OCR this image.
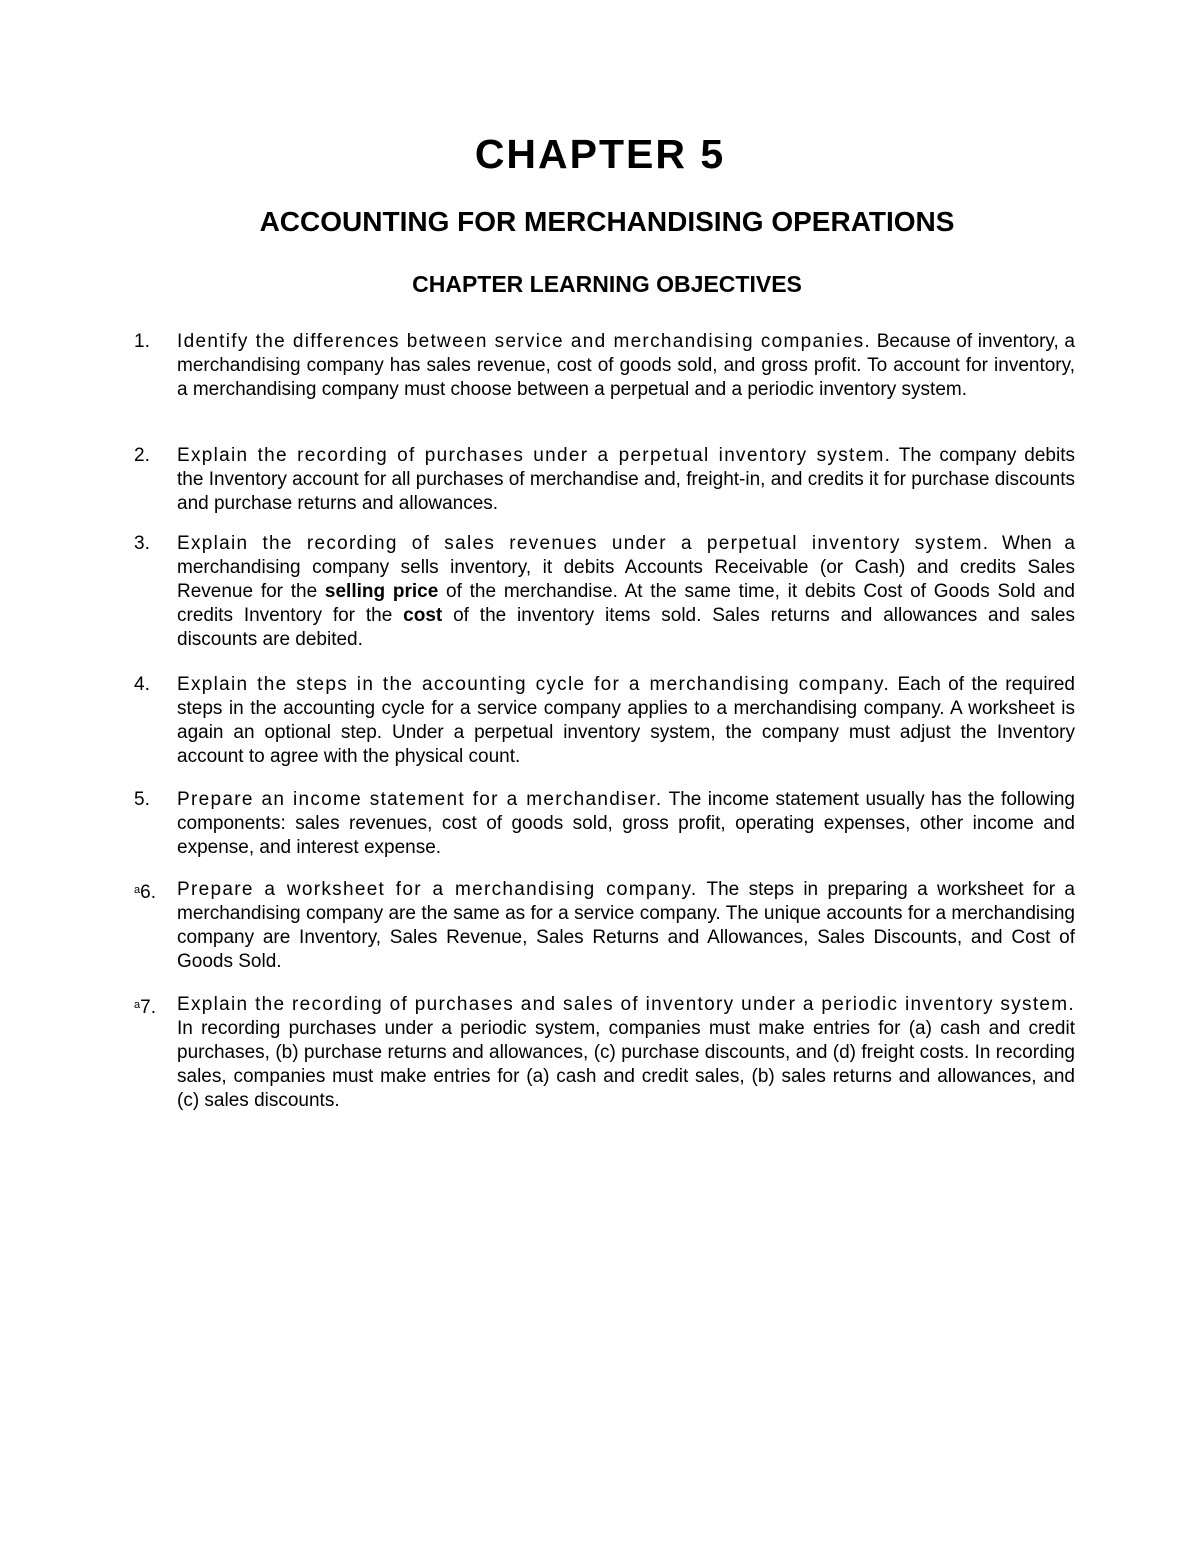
CHAPTER 5
ACCOUNTING FOR MERCHANDISING OPERATIONS
CHAPTER LEARNING OBJECTIVES
1.	Identify the differences between service and merchandising companies. Because of inventory, a merchandising company has sales revenue, cost of goods sold, and gross profit. To account for inventory, a merchandising company must choose between a perpetual and a periodic inventory system.
2.	Explain the recording of purchases under a perpetual inventory system. The company debits the Inventory account for all purchases of merchandise and, freight-in, and credits it for purchase discounts and purchase returns and allowances.
3.	Explain the recording of sales revenues under a perpetual inventory system. When a merchandising company sells inventory, it debits Accounts Receivable (or Cash) and credits Sales Revenue for the selling price of the merchandise. At the same time, it debits Cost of Goods Sold and credits Inventory for the cost of the inventory items sold. Sales returns and allowances and sales discounts are debited.
4.	Explain the steps in the accounting cycle for a merchandising company. Each of the required steps in the accounting cycle for a service company applies to a merchandising company. A worksheet is again an optional step. Under a perpetual inventory system, the company must adjust the Inventory account to agree with the physical count.
5.	Prepare an income statement for a merchandiser. The income statement usually has the following components: sales revenues, cost of goods sold, gross profit, operating expenses, other income and expense, and interest expense.
$^a$6.	Prepare a worksheet for a merchandising company. The steps in preparing a worksheet for a merchandising company are the same as for a service company. The unique accounts for a merchandising company are Inventory, Sales Revenue, Sales Returns and Allowances, Sales Discounts, and Cost of Goods Sold.
$^a$7.	Explain the recording of purchases and sales of inventory under a periodic inventory system. In recording purchases under a periodic system, companies must make entries for (a) cash and credit purchases, (b) purchase returns and allowances, (c) purchase discounts, and (d) freight costs. In recording sales, companies must make entries for (a) cash and credit sales, (b) sales returns and allowances, and (c) sales discounts.
